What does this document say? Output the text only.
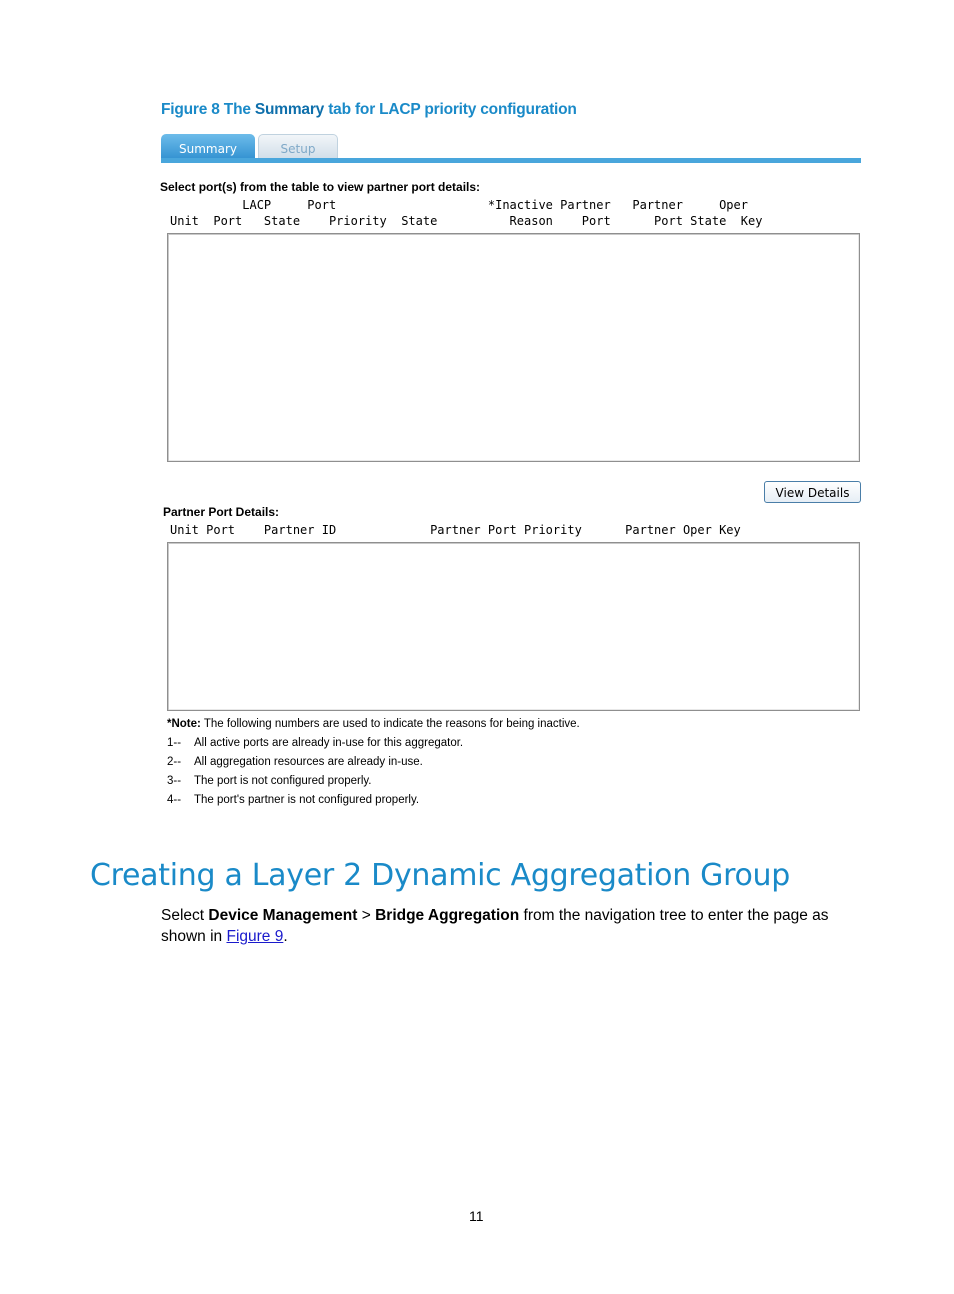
Figure 8 The Summary tab for LACP priority configuration
Summary	Setup
Select port(s) from the table to view partner port details:
LACP     Port                     *Inactive Partner   Partner     Oper
Unit  Port   State    Priority  State          Reason    Port      Port State  Key
View Details
Partner Port Details:
Unit Port    Partner ID             Partner Port Priority      Partner Oper Key
*Note: The following numbers are used to indicate the reasons for being inactive.
1-- All active ports are already in-use for this aggregator.
2-- All aggregation resources are already in-use.
3-- The port is not configured properly.
4-- The port's partner is not configured properly.
Creating a Layer 2 Dynamic Aggregation Group
Select Device Management > Bridge Aggregation from the navigation tree to enter the page as
shown in Figure 9.
11
